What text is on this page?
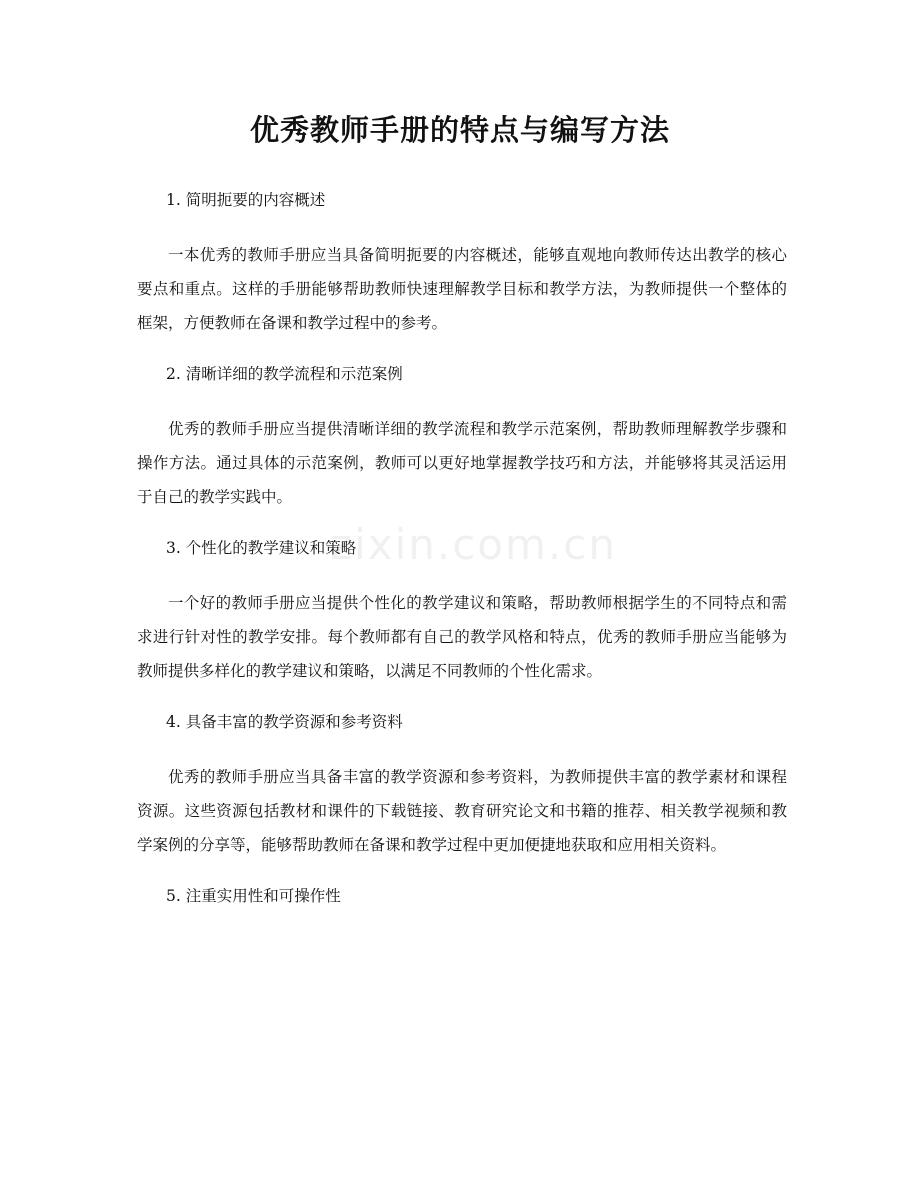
优秀教师手册的特点与编写方法
zixin.com.cn

1. 简明扼要的内容概述

一本优秀的教师手册应当具备简明扼要的内容概述，能够直观地向教师传达出教学的核心要点和重点。这样的手册能够帮助教师快速理解教学目标和教学方法，为教师提供一个整体的框架，方便教师在备课和教学过程中的参考。

2. 清晰详细的教学流程和示范案例

优秀的教师手册应当提供清晰详细的教学流程和教学示范案例，帮助教师理解教学步骤和操作方法。通过具体的示范案例，教师可以更好地掌握教学技巧和方法，并能够将其灵活运用于自己的教学实践中。

3. 个性化的教学建议和策略

一个好的教师手册应当提供个性化的教学建议和策略，帮助教师根据学生的不同特点和需求进行针对性的教学安排。每个教师都有自己的教学风格和特点，优秀的教师手册应当能够为教师提供多样化的教学建议和策略，以满足不同教师的个性化需求。

4. 具备丰富的教学资源和参考资料

优秀的教师手册应当具备丰富的教学资源和参考资料，为教师提供丰富的教学素材和课程资源。这些资源包括教材和课件的下载链接、教育研究论文和书籍的推荐、相关教学视频和教学案例的分享等，能够帮助教师在备课和教学过程中更加便捷地获取和应用相关资料。

5. 注重实用性和可操作性
